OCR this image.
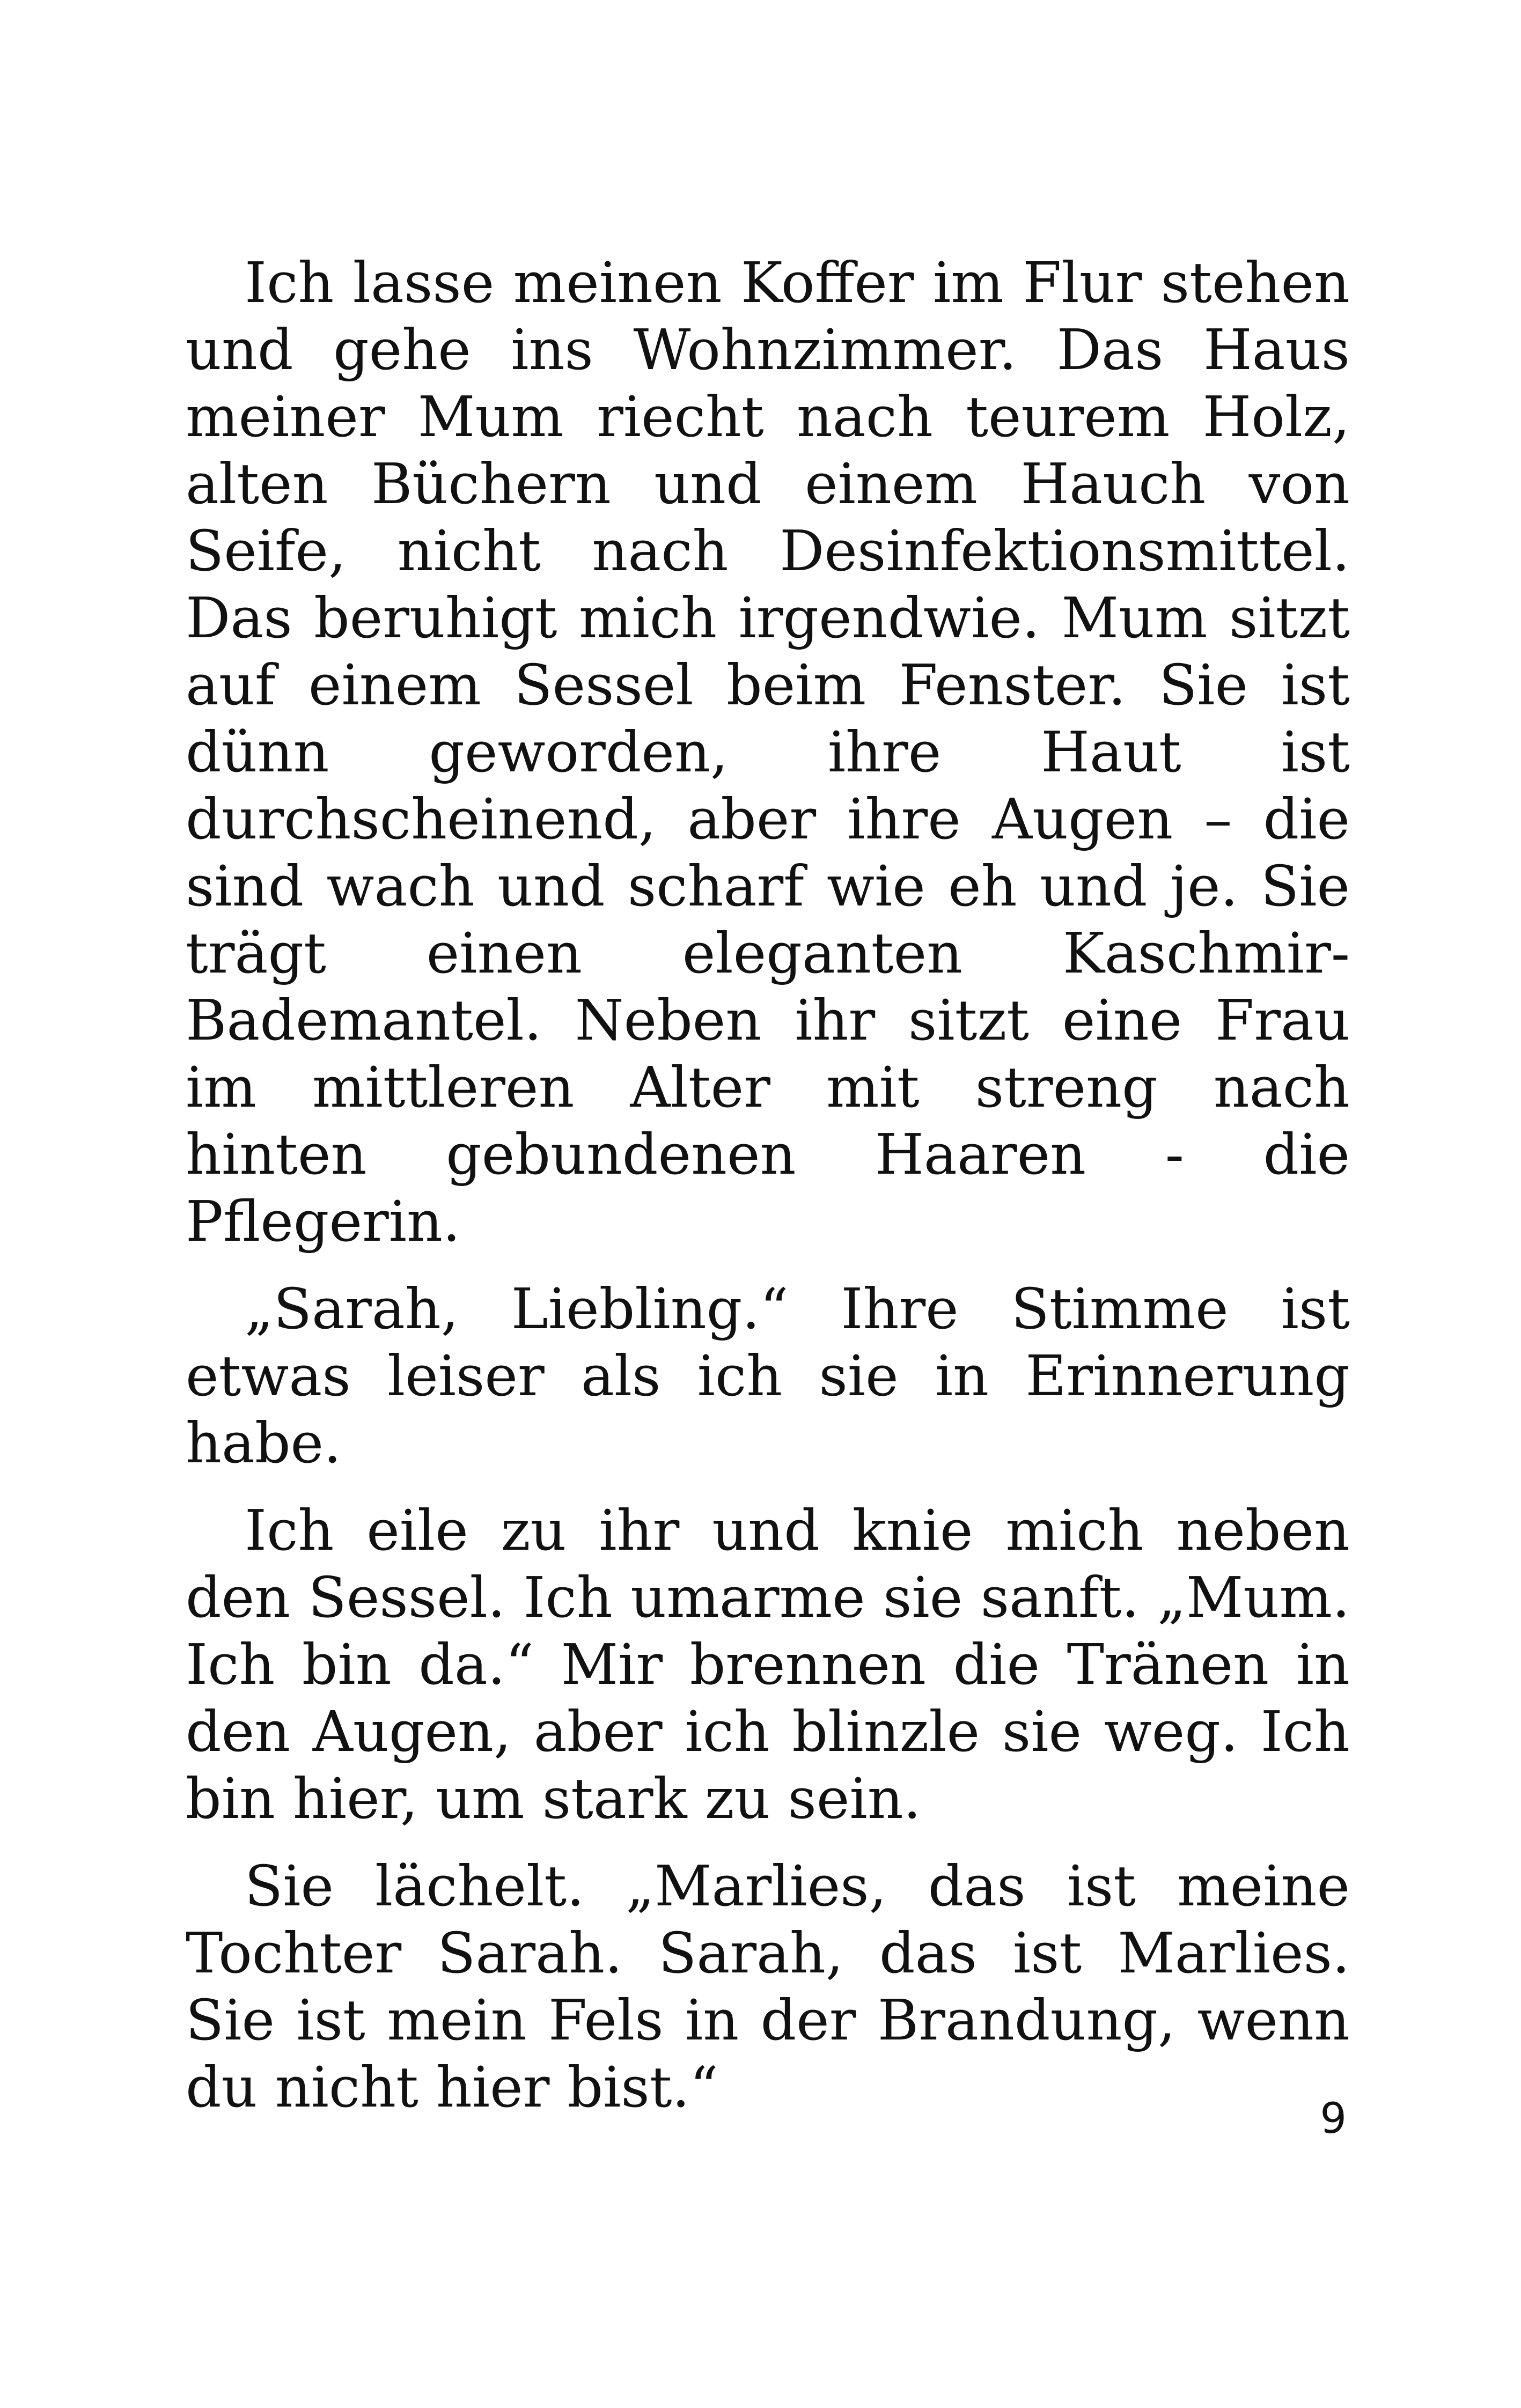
Ich lasse meinen Koffer im Flur stehen und gehe ins Wohnzimmer. Das Haus meiner Mum riecht nach teurem Holz, alten Büchern und einem Hauch von Seife, nicht nach Desinfektionsmittel. Das beruhigt mich irgendwie. Mum sitzt auf einem Sessel beim Fenster. Sie ist dünn geworden, ihre Haut ist durchscheinend, aber ihre Augen – die sind wach und scharf wie eh und je. Sie trägt einen eleganten Kaschmir-Bademantel. Neben ihr sitzt eine Frau im mittleren Alter mit streng nach hinten gebundenen Haaren - die Pflegerin.

„Sarah, Liebling.“ Ihre Stimme ist etwas leiser als ich sie in Erinnerung habe.

Ich eile zu ihr und knie mich neben den Sessel. Ich umarme sie sanft. „Mum. Ich bin da.“ Mir brennen die Tränen in den Augen, aber ich blinzle sie weg. Ich bin hier, um stark zu sein.

Sie lächelt. „Marlies, das ist meine Tochter Sarah. Sarah, das ist Marlies. Sie ist mein Fels in der Brandung, wenn du nicht hier bist.“	9
